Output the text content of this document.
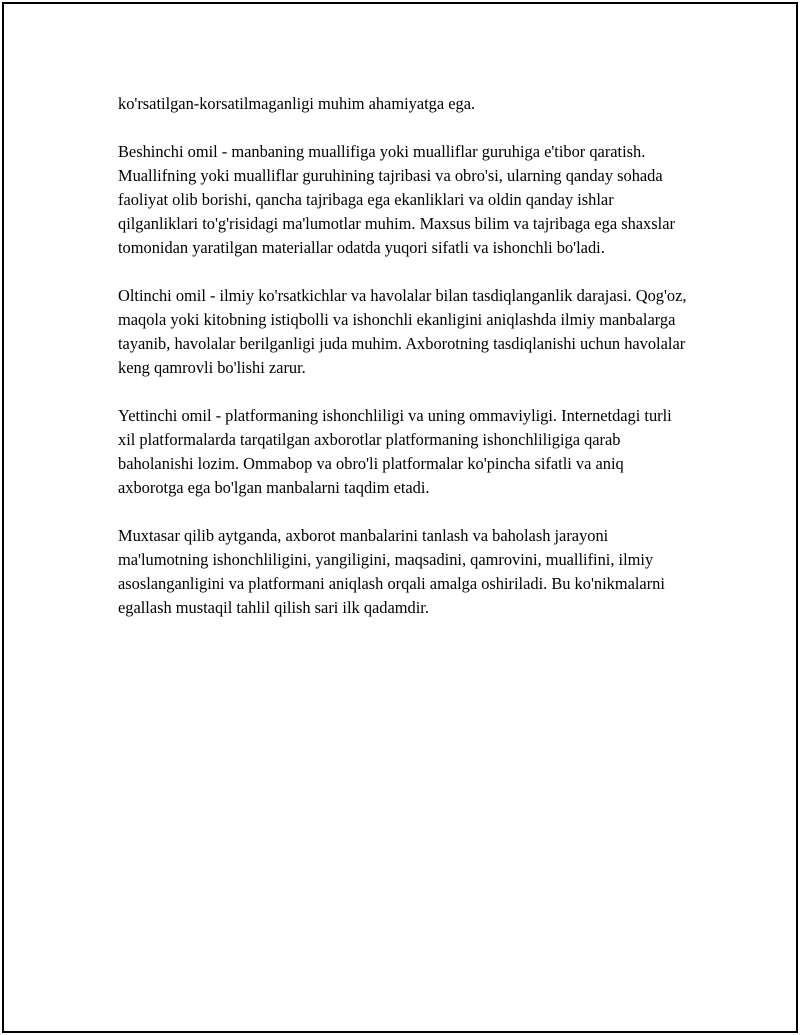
ko'rsatilgan-korsatilmaganligi muhim ahamiyatga ega.

Beshinchi omil - manbaning muallifiga yoki mualliflar guruhiga e'tibor qaratish. Muallifning yoki mualliflar guruhining tajribasi va obro'si, ularning qanday sohada faoliyat olib borishi, qancha tajribaga ega ekanliklari va oldin qanday ishlar qilganliklari to'g'risidagi ma'lumotlar muhim. Maxsus bilim va tajribaga ega shaxslar tomonidan yaratilgan materiallar odatda yuqori sifatli va ishonchli bo'ladi.

Oltinchi omil - ilmiy ko'rsatkichlar va havolalar bilan tasdiqlanganlik darajasi. Qog'oz, maqola yoki kitobning istiqbolli va ishonchli ekanligini aniqlashda ilmiy manbalarga tayanib, havolalar berilganligi juda muhim. Axborotning tasdiqlanishi uchun havolalar keng qamrovli bo'lishi zarur.

Yettinchi omil - platformaning ishonchliligi va uning ommaviyligi. Internetdagi turli xil platformalarda tarqatilgan axborotlar platformaning ishonchliligiga qarab baholanishi lozim. Ommabop va obro'li platformalar ko'pincha sifatli va aniq axborotga ega bo'lgan manbalarni taqdim etadi.

Muxtasar qilib aytganda, axborot manbalarini tanlash va baholash jarayoni ma'lumotning ishonchliligini, yangiligini, maqsadini, qamrovini, muallifini, ilmiy asoslanganligini va platformani aniqlash orqali amalga oshiriladi. Bu ko'nikmalarni egallash mustaqil tahlil qilish sari ilk qadamdir.
